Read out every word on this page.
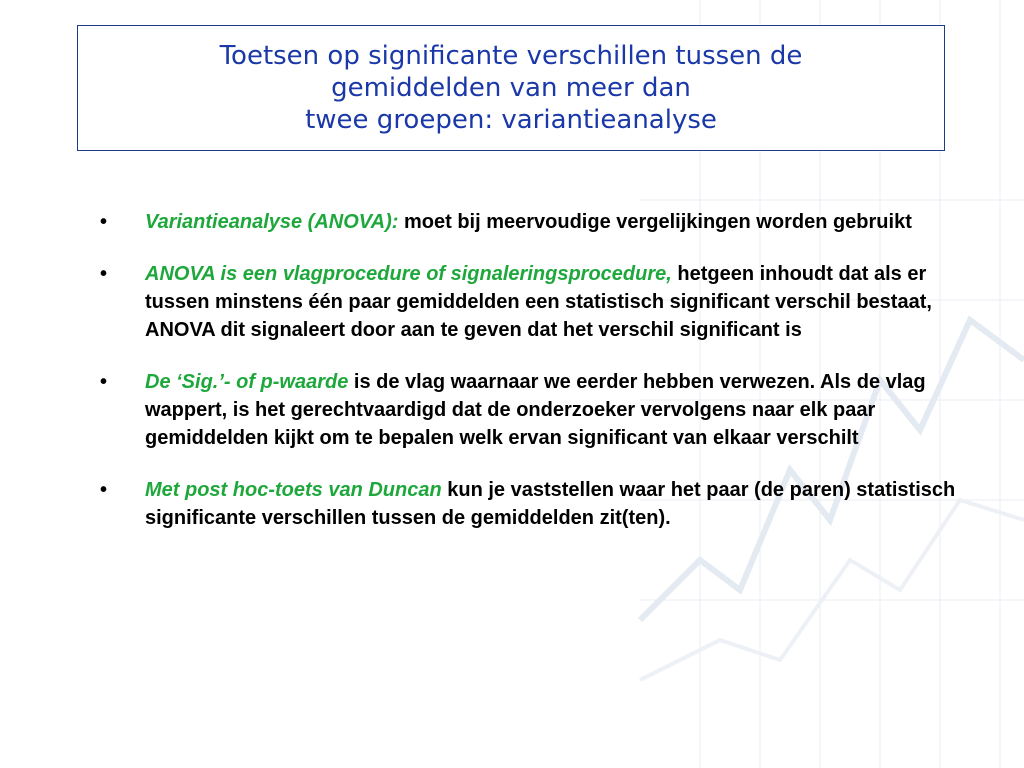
Toetsen op significante verschillen tussen de
gemiddelden van meer dan
twee groepen: variantieanalyse
•	Variantieanalyse (ANOVA): moet bij meervoudige vergelijkingen worden gebruikt
•	ANOVA is een vlagprocedure of signaleringsprocedure, hetgeen inhoudt dat als er tussen minstens één paar gemiddelden een statistisch significant verschil bestaat, ANOVA dit signaleert door aan te geven dat het verschil significant is
•	De ‘Sig.’- of p-waarde is de vlag waarnaar we eerder hebben verwezen. Als de vlag wappert, is het gerechtvaardigd dat de onderzoeker vervolgens naar elk paar gemiddelden kijkt om te bepalen welk ervan significant van elkaar verschilt
•	Met post hoc-toets van Duncan kun je vaststellen waar het paar (de paren) statistisch significante verschillen tussen de gemiddelden zit(ten).
